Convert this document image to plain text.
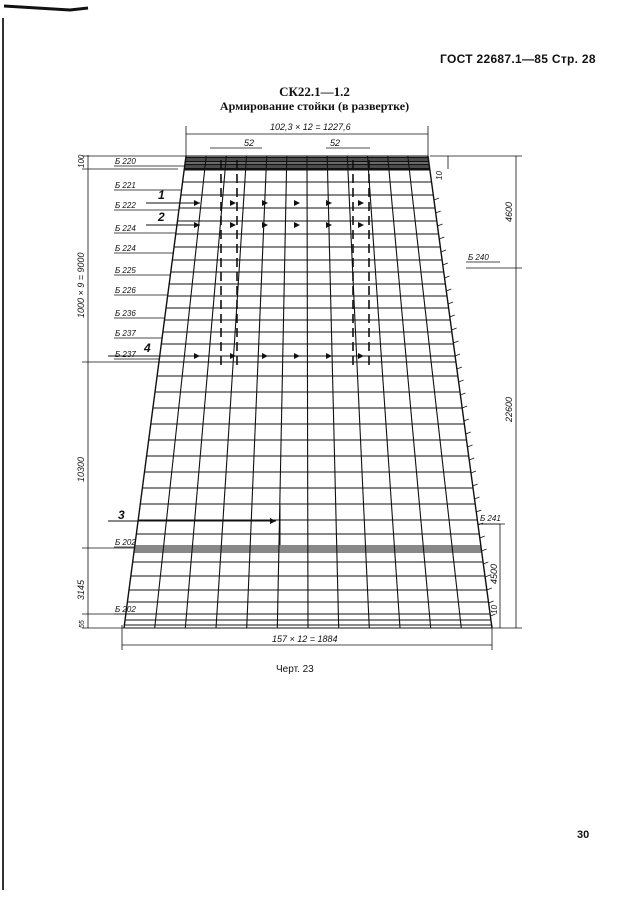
ГОСТ 22687.1—85 Стр. 28
СК22.1—1.2
Армирование стойки (в развертке)
102,3 × 12 = 1227,6
52	52
157 × 12 = 1884
100
1000 × 9 = 9000
10300
3145
55
10
4600
22600
4500
10
Б 220
Б 221
Б 222
Б 224
Б 224
Б 225
Б 226
Б 236
Б 237
Б 237
Б 202
Б 202
Б 240
Б 241
1
2
3
4
Черт. 23
30
